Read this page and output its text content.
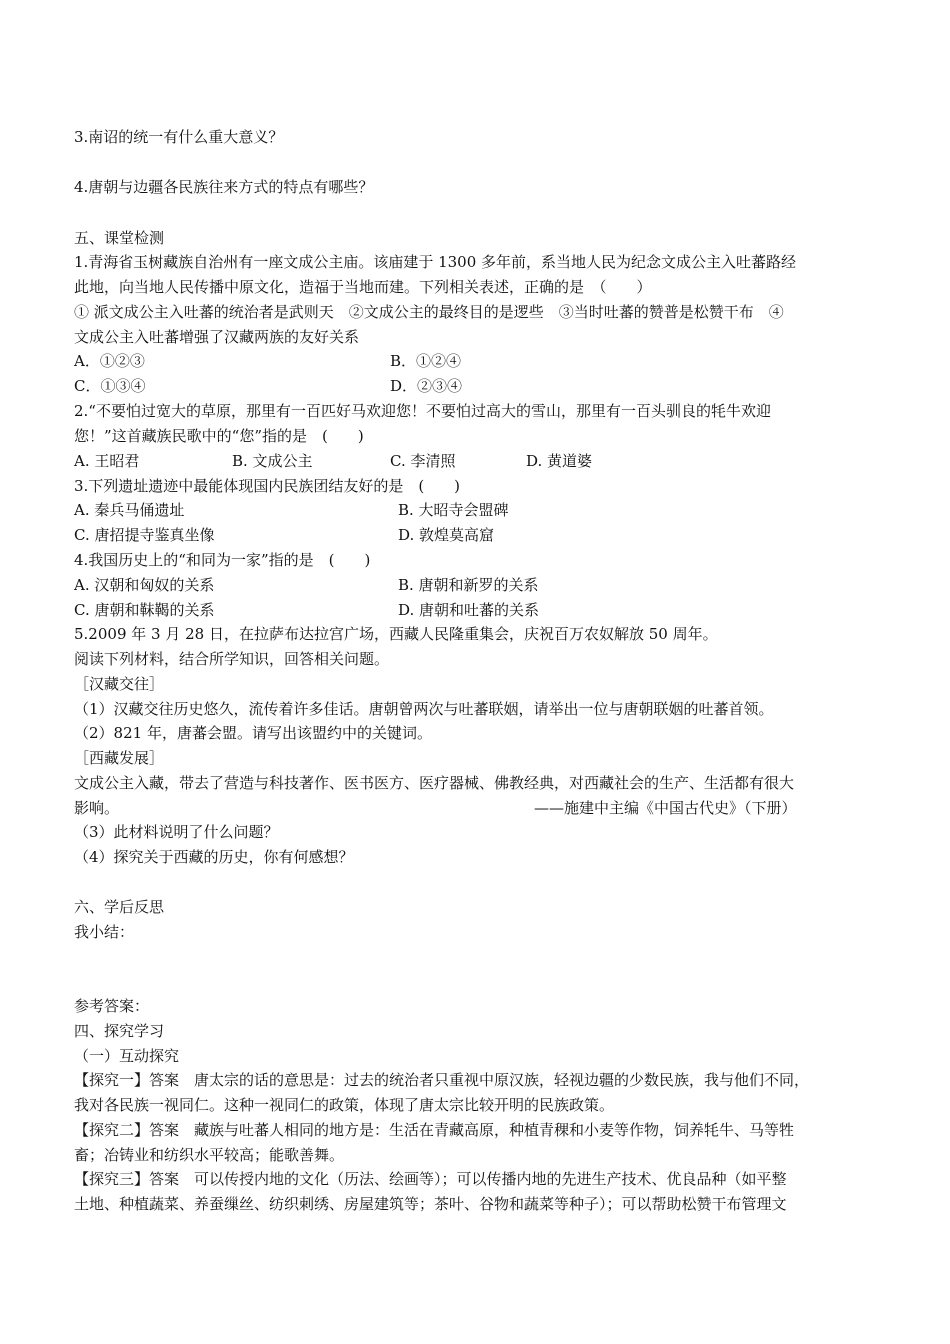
3.南诏的统一有什么重大意义？
4.唐朝与边疆各民族往来方式的特点有哪些？
五、课堂检测
1.青海省玉树藏族自治州有一座文成公主庙。该庙建于 1300 多年前，系当地人民为纪念文成公主入吐蕃路经
此地，向当地人民传播中原文化，造福于当地而建。下列相关表述，正确的是　（　　）
① 派文成公主入吐蕃的统治者是武则天　②文成公主的最终目的是逻些　③当时吐蕃的赞普是松赞干布　④
文成公主入吐蕃增强了汉藏两族的友好关系
A．①②③	B．①②④
C．①③④	D．②③④
2.“不要怕过宽大的草原，那里有一百匹好马欢迎您！不要怕过高大的雪山，那里有一百头驯良的牦牛欢迎
您！”这首藏族民歌中的“您”指的是　(　　)
A. 王昭君	B. 文成公主	C. 李清照	D. 黄道婆
3.下列遗址遗迹中最能体现国内民族团结友好的是　(　　)
A. 秦兵马俑遗址	B. 大昭寺会盟碑
C. 唐招提寺鉴真坐像	D. 敦煌莫高窟
4.我国历史上的“和同为一家”指的是　(　　)
A. 汉朝和匈奴的关系	B. 唐朝和新罗的关系
C. 唐朝和靺鞨的关系	D. 唐朝和吐蕃的关系
5.2009 年 3 月 28 日，在拉萨布达拉宫广场，西藏人民隆重集会，庆祝百万农奴解放 50 周年。
阅读下列材料，结合所学知识，回答相关问题。
［汉藏交往］
（1）汉藏交往历史悠久，流传着许多佳话。唐朝曾两次与吐蕃联姻，请举出一位与唐朝联姻的吐蕃首领。
（2）821 年，唐蕃会盟。请写出该盟约中的关键词。
［西藏发展］
文成公主入藏，带去了营造与科技著作、医书医方、医疗器械、佛教经典，对西藏社会的生产、生活都有很大
影响。	——施建中主编《中国古代史》（下册）
（3）此材料说明了什么问题？
（4）探究关于西藏的历史，你有何感想？
六、学后反思
我小结：
参考答案：
四、探究学习
（一）互动探究
【探究一】答案　唐太宗的话的意思是：过去的统治者只重视中原汉族，轻视边疆的少数民族，我与他们不同，
我对各民族一视同仁。这种一视同仁的政策，体现了唐太宗比较开明的民族政策。
【探究二】答案　藏族与吐蕃人相同的地方是：生活在青藏高原，种植青稞和小麦等作物，饲养牦牛、马等牲
畜；冶铸业和纺织水平较高；能歌善舞。
【探究三】答案　可以传授内地的文化（历法、绘画等）；可以传播内地的先进生产技术、优良品种（如平整
土地、种植蔬菜、养蚕缫丝、纺织刺绣、房屋建筑等；茶叶、谷物和蔬菜等种子）；可以帮助松赞干布管理文
